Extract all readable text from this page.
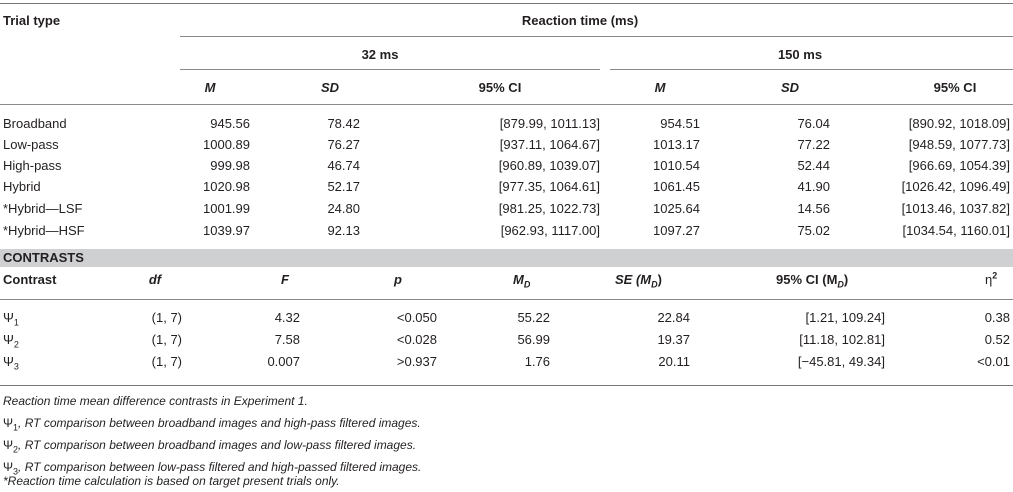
Trial type	Reaction time (ms)
32 ms	150 ms
M	SD	95% CI	M	SD	95% CI
Broadband	945.56	78.42	[879.99, 1011.13]	954.51	76.04	[890.92, 1018.09]
Low-pass	1000.89	76.27	[937.11, 1064.67]	1013.17	77.22	[948.59, 1077.73]
High-pass	999.98	46.74	[960.89, 1039.07]	1010.54	52.44	[966.69, 1054.39]
Hybrid	1020.98	52.17	[977.35, 1064.61]	1061.45	41.90	[1026.42, 1096.49]
*Hybrid—LSF	1001.99	24.80	[981.25, 1022.73]	1025.64	14.56	[1013.46, 1037.82]
*Hybrid—HSF	1039.97	92.13	[962.93, 1117.00]	1097.27	75.02	[1034.54, 1160.01]
CONTRASTS
Contrast	df	F	p	$M_D$	SE $(M_D)$	95% CI $(M_D)$	$\eta^2$
$\Psi_1$	(1, 7)	4.32	<0.050	55.22	22.84	[1.21, 109.24]	0.38
$\Psi_2$	(1, 7)	7.58	<0.028	56.99	19.37	[11.18, 102.81]	0.52
$\Psi_3$	(1, 7)	0.007	>0.937	1.76	20.11	[−45.81, 49.34]	<0.01
Reaction time mean difference contrasts in Experiment 1.
$\Psi_1$, RT comparison between broadband images and high-pass filtered images.
$\Psi_2$, RT comparison between broadband images and low-pass filtered images.
$\Psi_3$, RT comparison between low-pass filtered and high-passed filtered images.
*Reaction time calculation is based on target present trials only.
